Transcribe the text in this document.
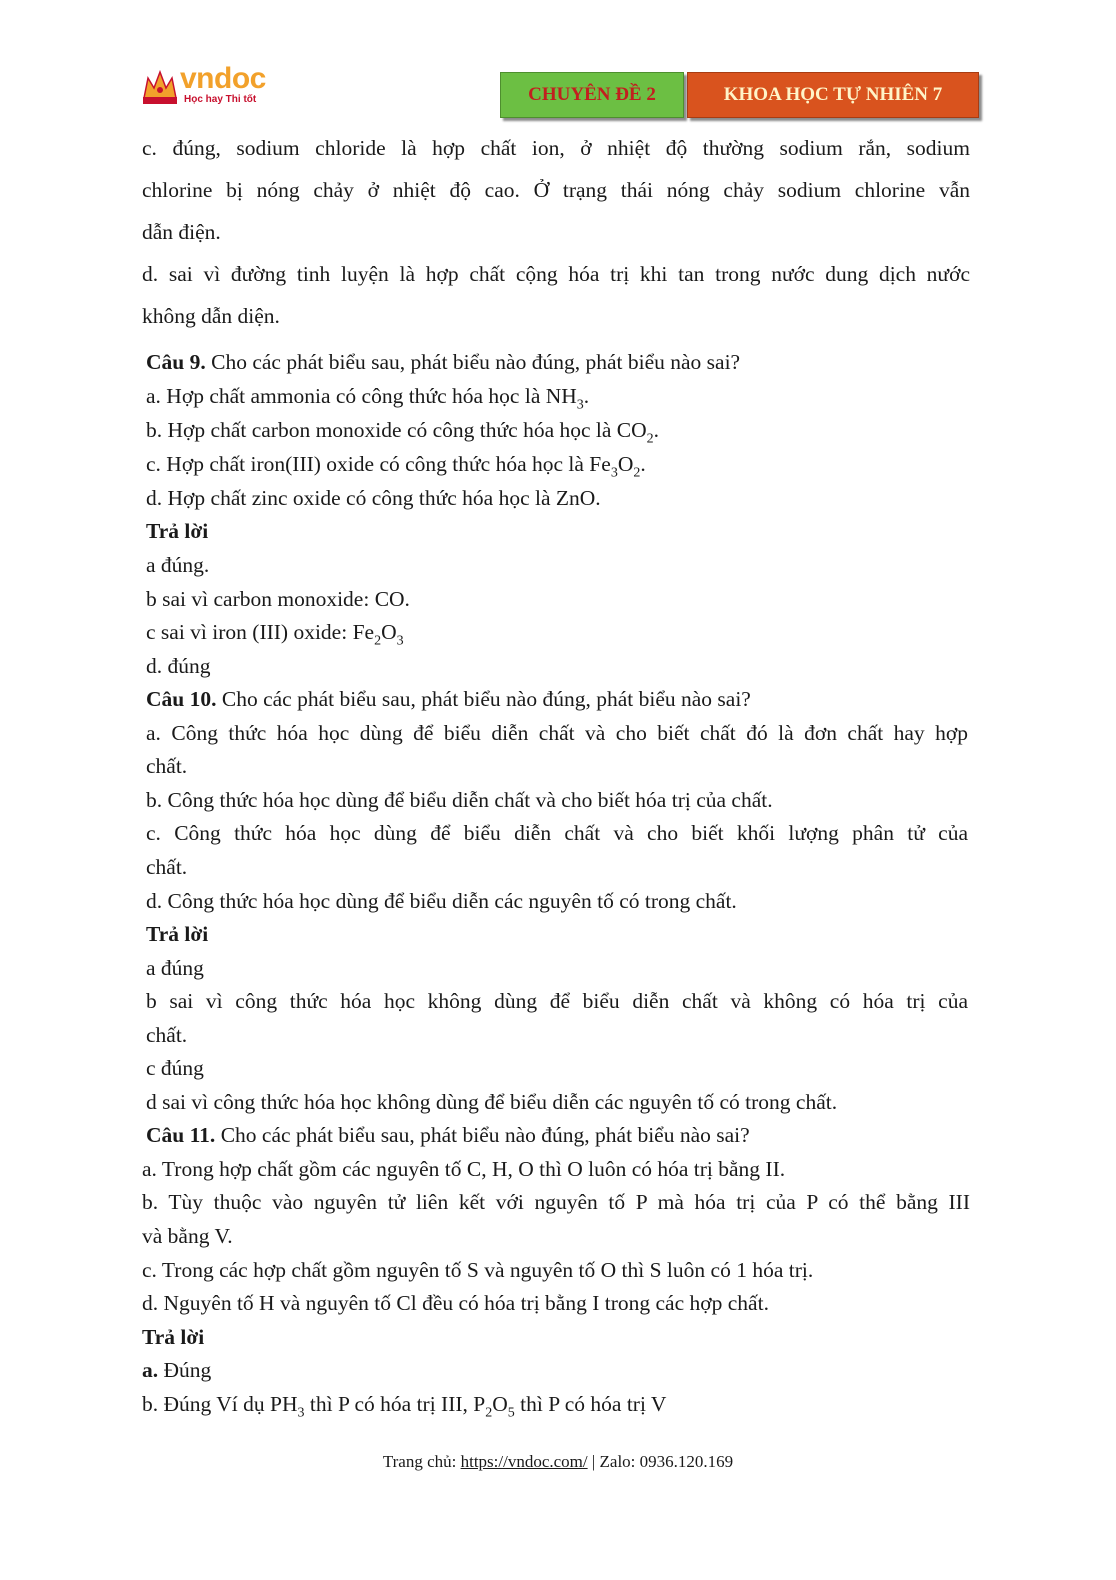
vndoc
Học hay Thi tốt	CHUYÊN ĐỀ 2	KHOA HỌC TỰ NHIÊN 7
c. đúng, sodium chloride là hợp chất ion, ở nhiệt độ thường sodium rắn, sodium
chlorine bị nóng chảy ở nhiệt độ cao. Ở trạng thái nóng chảy sodium chlorine vẫn
dẫn điện.
d. sai vì đường tinh luyện là hợp chất cộng hóa trị khi tan trong nước dung dịch nước
không dẫn diện.
Câu 9. Cho các phát biểu sau, phát biểu nào đúng, phát biểu nào sai?
a. Hợp chất ammonia có công thức hóa học là $NH_3$.
b. Hợp chất carbon monoxide có công thức hóa học là $CO_2$.
c. Hợp chất iron(III) oxide có công thức hóa học là $Fe_3O_2$.
d. Hợp chất zinc oxide có công thức hóa học là ZnO.
Trả lời
a đúng.
b sai vì carbon monoxide: CO.
c sai vì iron (III) oxide: $Fe_2O_3$
d. đúng
Câu 10. Cho các phát biểu sau, phát biểu nào đúng, phát biểu nào sai?
a. Công thức hóa học dùng để biểu diễn chất và cho biết chất đó là đơn chất hay hợp
chất.
b. Công thức hóa học dùng để biểu diễn chất và cho biết hóa trị của chất.
c. Công thức hóa học dùng để biểu diễn chất và cho biết khối lượng phân tử của
chất.
d. Công thức hóa học dùng để biểu diễn các nguyên tố có trong chất.
Trả lời
a đúng
b sai vì công thức hóa học không dùng để biểu diễn chất và không có hóa trị của
chất.
c đúng
d sai vì công thức hóa học không dùng để biểu diễn các nguyên tố có trong chất.
Câu 11. Cho các phát biểu sau, phát biểu nào đúng, phát biểu nào sai?
a. Trong hợp chất gồm các nguyên tố C, H, O thì O luôn có hóa trị bằng II.
b. Tùy thuộc vào nguyên tử liên kết với nguyên tố P mà hóa trị của P có thể bằng III
và bằng V.
c. Trong các hợp chất gồm nguyên tố S và nguyên tố O thì S luôn có 1 hóa trị.
d. Nguyên tố H và nguyên tố Cl đều có hóa trị bằng I trong các hợp chất.
Trả lời
a. Đúng
b. Đúng Ví dụ $PH_3$ thì P có hóa trị III, $P_2O_5$ thì P có hóa trị V
Trang chủ: https://vndoc.com/ | Zalo: 0936.120.169
